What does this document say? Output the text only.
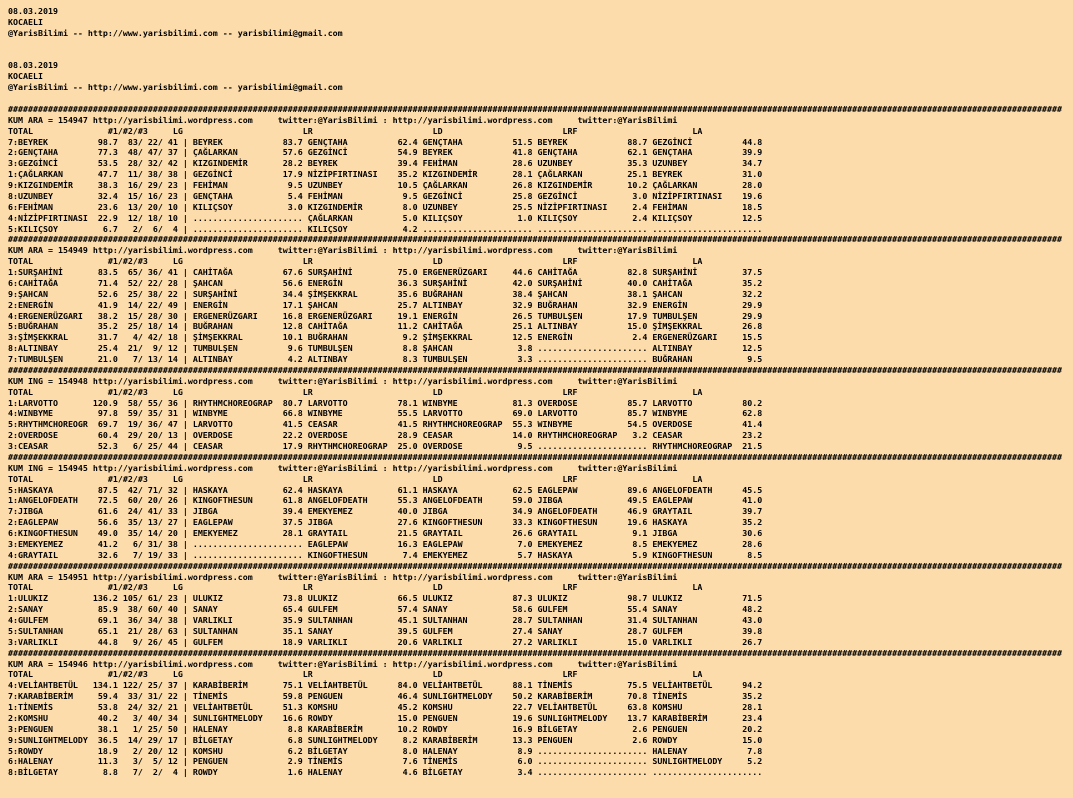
08.03.2019
KOCAELI
@YarisBilimi -- http://www.yarisbilimi.com -- yarisbilimi@gmail.com

08.03.2019
KOCAELI
@YarisBilimi -- http://www.yarisbilimi.com -- yarisbilimi@gmail.com

###################################################################################################################################################################################################################
KUM ARA = 154947 http://yarisbilimi.wordpress.com     twitter:@YarisBilimi : http://yarisbilimi.wordpress.com     twitter:@YarisBilimi
TOTAL               #1/#2/#3     LG                        LR                        LD                        LRF                       LA
7:BEYREK          98.7  83/ 22/ 41 | BEYREK            83.7 GENÇTAHA          62.4 GENÇTAHA          51.5 BEYREK            88.7 GEZGİNCİ          44.8
2:GENÇTAHA        77.3  48/ 47/ 37 | ÇAĞLARKAN         57.6 GEZGİNCİ          54.9 BEYREK            41.8 GENÇTAHA          62.1 GENÇTAHA          39.9
3:GEZGİNCİ        53.5  28/ 32/ 42 | KIZGINDEMİR       28.2 BEYREK            39.4 FEHİMAN           28.6 UZUNBEY           35.3 UZUNBEY           34.7
1:ÇAĞLARKAN       47.7  11/ 38/ 38 | GEZGİNCİ          17.9 NİZİPFIRTINASI    35.2 KIZGINDEMİR       28.1 ÇAĞLARKAN         25.1 BEYREK            31.0
9:KIZGINDEMİR     38.3  16/ 29/ 23 | FEHİMAN            9.5 UZUNBEY           10.5 ÇAĞLARKAN         26.8 KIZGINDEMİR       10.2 ÇAĞLARKAN         28.0
8:UZUNBEY         32.4  15/ 16/ 23 | GENÇTAHA           5.4 FEHİMAN            9.5 GEZGİNCİ          25.8 GEZGİNCİ           3.0 NİZİPFIRTINASI    19.6
6:FEHİMAN         23.6  13/ 20/ 10 | KILIÇSOY           3.0 KIZGINDEMİR        8.0 UZUNBEY           25.5 NİZİPFIRTINASI     2.4 FEHİMAN           18.5
4:NİZİPFIRTINASI  22.9  12/ 18/ 10 | ...................... ÇAĞLARKAN          5.0 KILIÇSOY           1.0 KILIÇSOY           2.4 KILIÇSOY          12.5
5:KILIÇSOY         6.7   2/  6/  4 | ...................... KILIÇSOY           4.2 ...................... ...................... ......................
###################################################################################################################################################################################################################
KUM ARA = 154949 http://yarisbilimi.wordpress.com     twitter:@YarisBilimi : http://yarisbilimi.wordpress.com     twitter:@YarisBilimi
TOTAL               #1/#2/#3     LG                        LR                        LD                        LRF                       LA
1:SURŞAHİNİ       83.5  65/ 36/ 41 | CAHİTAĞA          67.6 SURŞAHİNİ         75.0 ERGENERÜZGARI     44.6 CAHİTAĞA          82.8 SURŞAHİNİ         37.5
6:CAHİTAĞA        71.4  52/ 22/ 28 | ŞAHCAN            56.6 ENERGİN           36.3 SURŞAHİNİ         42.0 SURŞAHİNİ         40.0 CAHİTAĞA          35.2
9:ŞAHCAN          52.6  25/ 38/ 22 | SURŞAHİNİ         34.4 ŞİMŞEKKRAL        35.6 BUĞRAHAN          38.4 ŞAHCAN            38.1 ŞAHCAN            32.2
2:ENERGİN         41.9  14/ 22/ 49 | ENERGİN           17.1 ŞAHCAN            25.7 ALTINBAY          32.9 BUĞRAHAN          32.9 ENERGİN           29.9
4:ERGENERÜZGARI   38.2  15/ 28/ 30 | ERGENERÜZGARI     16.8 ERGENERÜZGARI     19.1 ENERGİN           26.5 TUMBULŞEN         17.9 TUMBULŞEN         29.9
5:BUĞRAHAN        35.2  25/ 18/ 14 | BUĞRAHAN          12.8 CAHİTAĞA          11.2 CAHİTAĞA          25.1 ALTINBAY          15.0 ŞİMŞEKKRAL        26.8
3:ŞİMŞEKKRAL      31.7   4/ 42/ 18 | ŞİMŞEKKRAL        10.1 BUĞRAHAN           9.2 ŞİMŞEKKRAL        12.5 ENERGİN            2.4 ERGENERÜZGARI     15.5
8:ALTINBAY        25.4  21/  9/ 12 | TUMBULŞEN          9.6 TUMBULŞEN          8.8 ŞAHCAN             3.8 ...................... ALTINBAY          12.5
7:TUMBULŞEN       21.0   7/ 13/ 14 | ALTINBAY           4.2 ALTINBAY           8.3 TUMBULŞEN          3.3 ...................... BUĞRAHAN           9.5
###################################################################################################################################################################################################################
KUM ING = 154948 http://yarisbilimi.wordpress.com     twitter:@YarisBilimi : http://yarisbilimi.wordpress.com     twitter:@YarisBilimi
TOTAL               #1/#2/#3     LG                        LR                        LD                        LRF                       LA
1:LARVOTTO       120.9  58/ 55/ 36 | RHYTHMCHOREOGRAP  80.7 LARVOTTO          78.1 WINBYME           81.3 OVERDOSE          85.7 LARVOTTO          80.2
4:WINBYME         97.8  59/ 35/ 31 | WINBYME           66.8 WINBYME           55.5 LARVOTTO          69.0 LARVOTTO          85.7 WINBYME           62.8
5:RHYTHMCHOREOGR  69.7  19/ 36/ 47 | LARVOTTO          41.5 CEASAR            41.5 RHYTHMCHOREOGRAP  55.3 WINBYME           54.5 OVERDOSE          41.4
2:OVERDOSE        60.4  29/ 20/ 13 | OVERDOSE          22.2 OVERDOSE          28.9 CEASAR            14.0 RHYTHMCHOREOGRAP   3.2 CEASAR            23.2
3:CEASAR          52.3   6/ 25/ 44 | CEASAR            17.9 RHYTHMCHOREOGRAP  25.0 OVERDOSE           9.5 ...................... RHYTHMCHOREOGRAP  21.5
###################################################################################################################################################################################################################
KUM ING = 154945 http://yarisbilimi.wordpress.com     twitter:@YarisBilimi : http://yarisbilimi.wordpress.com     twitter:@YarisBilimi
TOTAL               #1/#2/#3     LG                        LR                        LD                        LRF                       LA
5:HASKAYA         87.5  42/ 71/ 32 | HASKAYA           62.4 HASKAYA           61.1 HASKAYA           62.5 EAGLEPAW          89.6 ANGELOFDEATH      45.5
1:ANGELOFDEATH    72.5  60/ 20/ 26 | KINGOFTHESUN      61.8 ANGELOFDEATH      55.3 ANGELOFDEATH      59.0 JIBGA             49.5 EAGLEPAW          41.0
7:JIBGA           61.6  24/ 41/ 33 | JIBGA             39.4 EMEKYEMEZ         40.0 JIBGA             34.9 ANGELOFDEATH      46.9 GRAYTAIL          39.7
2:EAGLEPAW        56.6  35/ 13/ 27 | EAGLEPAW          37.5 JIBGA             27.6 KINGOFTHESUN      33.3 KINGOFTHESUN      19.6 HASKAYA           35.2
6:KINGOFTHESUN    49.0  35/ 14/ 20 | EMEKYEMEZ         28.1 GRAYTAIL          21.5 GRAYTAIL          26.6 GRAYTAIL           9.1 JIBGA             30.6
3:EMEKYEMEZ       41.2   6/ 31/ 38 | ...................... EAGLEPAW          16.3 EAGLEPAW           7.0 EMEKYEMEZ          8.5 EMEKYEMEZ         28.6
4:GRAYTAIL        32.6   7/ 19/ 33 | ...................... KINGOFTHESUN       7.4 EMEKYEMEZ          5.7 HASKAYA            5.9 KINGOFTHESUN       8.5
###################################################################################################################################################################################################################
KUM ARA = 154951 http://yarisbilimi.wordpress.com     twitter:@YarisBilimi : http://yarisbilimi.wordpress.com     twitter:@YarisBilimi
TOTAL               #1/#2/#3     LG                        LR                        LD                        LRF                       LA
1:ULUKIZ         136.2 105/ 61/ 23 | ULUKIZ            73.8 ULUKIZ            66.5 ULUKIZ            87.3 ULUKIZ            98.7 ULUKIZ            71.5
2:SANAY           85.9  38/ 60/ 40 | SANAY             65.4 GULFEM            57.4 SANAY             58.6 GULFEM            55.4 SANAY             48.2
4:GULFEM          69.1  36/ 34/ 38 | VARLIKLI          35.9 SULTANHAN         45.1 SULTANHAN         28.7 SULTANHAN         31.4 SULTANHAN         43.0
5:SULTANHAN       65.1  21/ 28/ 63 | SULTANHAN         35.1 SANAY             39.5 GULFEM            27.4 SANAY             28.7 GULFEM            39.8
3:VARLIKLI        44.8   9/ 26/ 45 | GULFEM            18.9 VARLIKLI          20.6 VARLIKLI          27.2 VARLIKLI          15.0 VARLIKLI          26.7
###################################################################################################################################################################################################################
KUM ARA = 154946 http://yarisbilimi.wordpress.com     twitter:@YarisBilimi : http://yarisbilimi.wordpress.com     twitter:@YarisBilimi
TOTAL               #1/#2/#3     LG                        LR                        LD                        LRF                       LA
4:VELİAHTBETÜL   134.1 122/ 25/ 37 | KARABİBERİM       75.1 VELİAHTBETÜL      84.0 VELİAHTBETÜL      88.1 TİNEMİS           75.5 VELİAHTBETÜL      94.2
7:KARABİBERİM     59.4  33/ 31/ 22 | TİNEMİS           59.8 PENGUEN           46.4 SUNLIGHTMELODY    50.2 KARABİBERİM       70.8 TİNEMİS           35.2
1:TİNEMİS         53.8  24/ 32/ 21 | VELİAHTBETÜL      51.3 KOMSHU            45.2 KOMSHU            22.7 VELİAHTBETÜL      63.8 KOMSHU            28.1
2:KOMSHU          40.2   3/ 40/ 34 | SUNLIGHTMELODY    16.6 ROWDY             15.0 PENGUEN           19.6 SUNLIGHTMELODY    13.7 KARABİBERİM       23.4
3:PENGUEN         38.1   1/ 25/ 50 | HALENAY            8.8 KARABİBERİM       10.2 ROWDY             16.9 BİLGETAY           2.6 PENGUEN           20.2
9:SUNLIGHTMELODY  36.5  14/ 29/ 17 | BİLGETAY           6.8 SUNLIGHTMELODY     8.2 KARABİBERİM       13.3 PENGUEN            2.6 ROWDY             15.0
5:ROWDY           18.9   2/ 20/ 12 | KOMSHU             6.2 BİLGETAY           8.0 HALENAY            8.9 ...................... HALENAY            7.8
6:HALENAY         11.3   3/  5/ 12 | PENGUEN            2.9 TİNEMİS            7.6 TİNEMİS            6.0 ...................... SUNLIGHTMELODY     5.2
8:BİLGETAY         8.8   7/  2/  4 | ROWDY              1.6 HALENAY            4.6 BİLGETAY           3.4 ...................... ......................
